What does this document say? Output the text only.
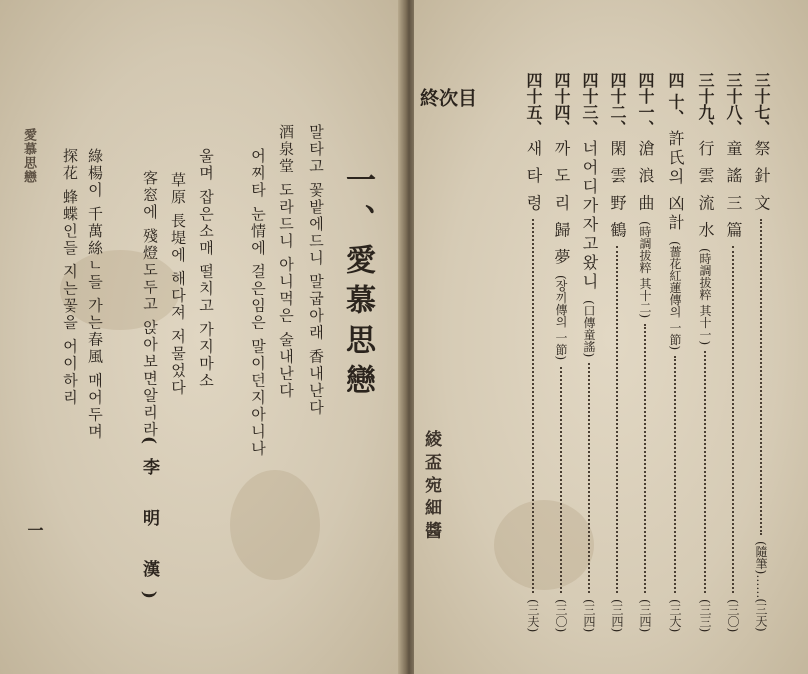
愛慕思戀
一
綠楊이 千萬絲ㄴ들 가는春風 매어두며
探花 蜂蝶인들 지는꽃을 어이하리	客窓에 殘燈도두고 앉아보면알리라 草原 長堤에 해다져 저물었다 울며 잡은소매 떨치고 가지마소 어찌타 눈情에 걸은임은 말이던지아니나 酒泉堂 도라드니 아니먹은 술내난다 말타고 꽃밭에드니 말굽아래 香내난다
(李 明 漢)
一、愛慕思戀
目
次
終
綾 盃 宛 細 醬
三十七、
祭 針 文
(隨筆)……(三天)
三十八、
童 謠 三 篇
(三〇)
三十九、
行 雲 流 水
(時調拔粹 其十一)
(三三)
四 十、
許氏의 凶計
(薔花紅蓮傳의 一節)
(三大)
四十一、
滄 浪 曲
(時調拔粹 其十二)
(三四)
四十二、
閑 雲 野 鶴
(三四)
四十三、
너어디가자고왔니
(口傳童謠)
(三四)
四十四、
까 도 리 歸 夢
(장끼傳의 一節)
(三〇)
四十五、
새 타 령
(三夫)
